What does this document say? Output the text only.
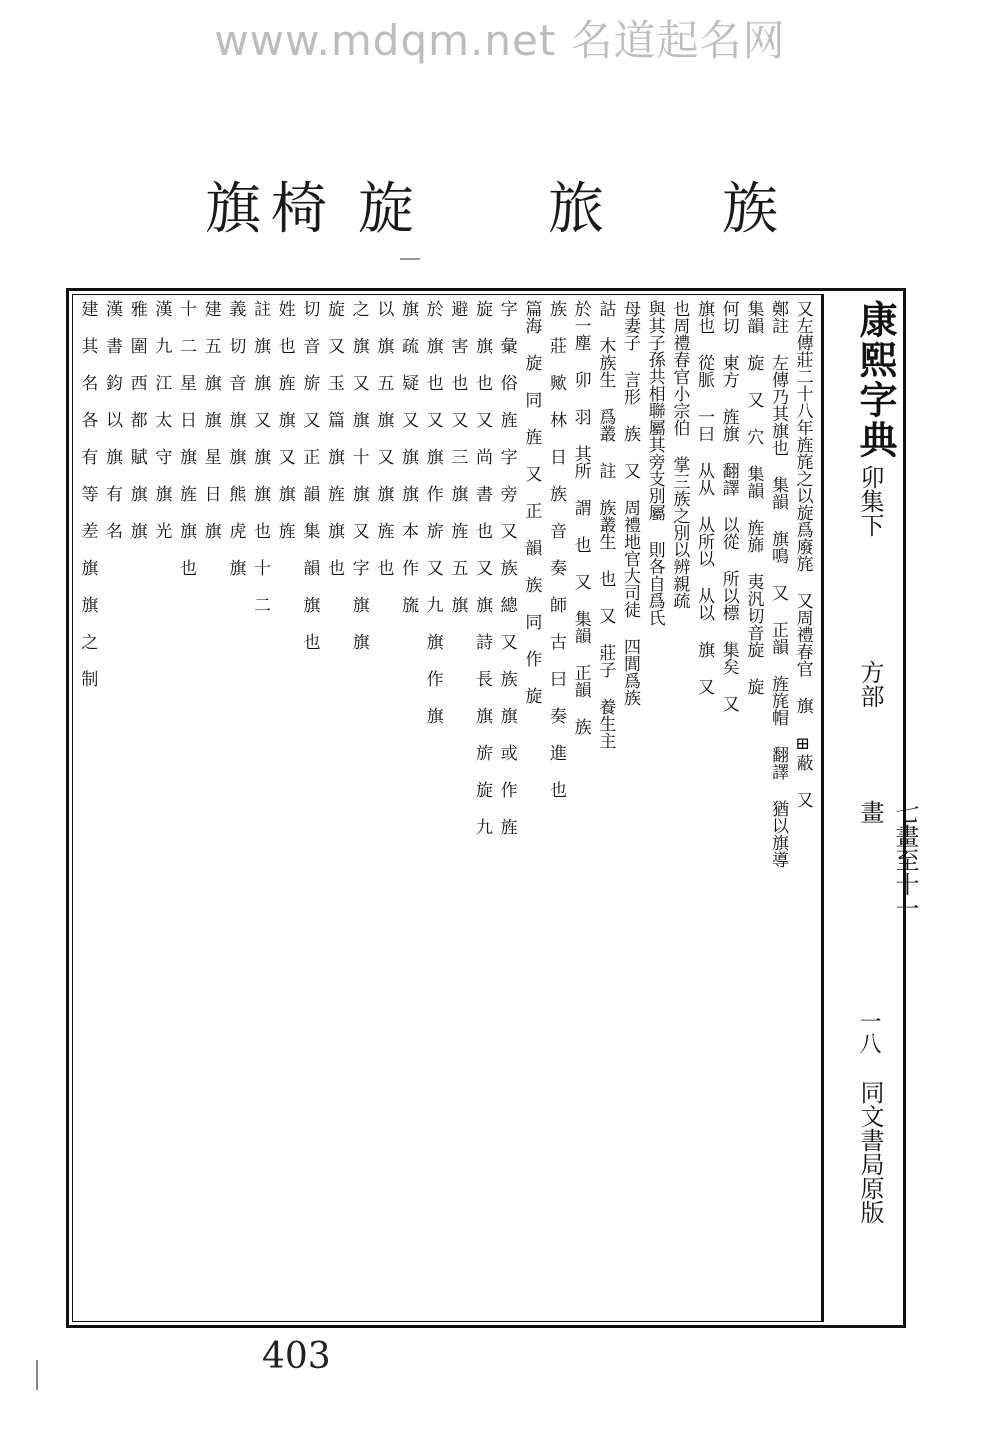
www.mdqm.net 名道起名网
旗 椅 旋 旅 族
康熙字典
卯集下
方部
七畫至十一畫
一八
同文書局原版
又左傳莊二十八年旌旄之以旋爲廢旄 又周禮春官 旗 ⊞蔽 又
鄭註 左傳乃其旗也 集韻 旗鳴 又 正韻 旌旄帽 翻譯 猶以旗導
集韻 旋 又 穴 集韻 旌旆 夷汎切音旋 旋
何切 東方 旌旗 翻譯 以從 所以標 集矣 又
旗也 從脈 一曰 从从 从所以 从以 旗 又
也周禮春官小宗伯 掌三族之別以辨親疏
與其子孫共相聯屬其旁支別屬 則各自爲氏
母妻子 言形 族 又 周禮地官大司徒 四閭爲族
詁 木族生 爲叢 註 族叢生 也 又 莊子 養生主
於一塵 卯 羽 其所 謂 也 又 集韻 正韻 族
族 莊 歟 林 日 族 音 奏 師 古 曰 奏 進 也
篇海 旋 同 旌 又 正 韻 族 同 作 旋
字 彙 俗 旌 字 旁 又 族 總 又 族 旗 或 作 旌
旋 旗 也 又 尚 書 也 又 旗 詩 長 旗 旂 旋 九
避 害 也 又 三 旗 旌 五 旗
於 旗 也 又 旗 作 旂 又 九 旗 作 旗
旗 疏 疑 又 旗 旗 本 作 旒
以 旗 五 旗 又 旗 旌 也
之 旗 又 旗 十 旗 又 字 旗 旗
旋 又 玉 篇 旗 旌 旗 也
切 音 旂 又 正 韻 集 韻 旗 也
姓 也 旌 旗 又 旗 旌
註 旗 旗 又 旗 旗 也 十 二
義 切 音 旗 旗 熊 虎 旗
建 五 旗 旗 星 日 旗
十 二 星 日 旗 旌 旗 也
漢 九 江 太 守 旗 光
雅 圍 西 都 賦 旗 旗
漢 書 鈞 以 旗 有 名
建 其 名 各 有 等 差 旗 旗 之 制
403
